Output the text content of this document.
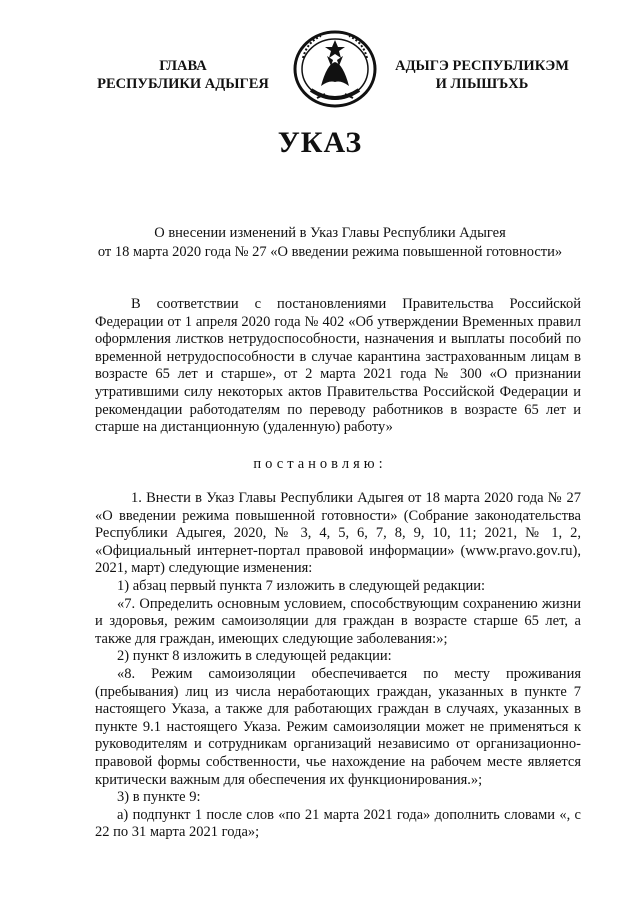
ГЛАВА
РЕСПУБЛИКИ АДЫГЕЯ
АДЫГЭ РЕСПУБЛИКЭМ
И ЛІЫШЪХЬ
УКАЗ
О внесении изменений в Указ Главы Республики Адыгея
от 18 марта 2020 года № 27 «О введении режима повышенной готовности»

В соответствии с постановлениями Правительства Российской Федерации от 1 апреля 2020 года № 402 «Об утверждении Временных правил оформления листков нетрудоспособности, назначения и выплаты пособий по временной нетрудоспособности в случае карантина застрахованным лицам в возрасте 65 лет и старше», от 2 марта 2021 года № 300 «О признании утратившими силу некоторых актов Правительства Российской Федерации и рекомендации работодателям по переводу работников в возрасте 65 лет и старше на дистанционную (удаленную) работу»

постановляю:

1. Внести в Указ Главы Республики Адыгея от 18 марта 2020 года № 27 «О введении режима повышенной готовности» (Собрание законодательства Республики Адыгея, 2020, № 3, 4, 5, 6, 7, 8, 9, 10, 11; 2021, № 1, 2, «Официальный интернет-портал правовой информации» (www.pravo.gov.ru), 2021, март) следующие изменения:

1) абзац первый пункта 7 изложить в следующей редакции:

«7. Определить основным условием, способствующим сохранению жизни и здоровья, режим самоизоляции для граждан в возрасте старше 65 лет, а также для граждан, имеющих следующие заболевания:»;

2) пункт 8 изложить в следующей редакции:

«8. Режим самоизоляции обеспечивается по месту проживания (пребывания) лиц из числа неработающих граждан, указанных в пункте 7 настоящего Указа, а также для работающих граждан в случаях, указанных в пункте 9.1 настоящего Указа. Режим самоизоляции может не применяться к руководителям и сотрудникам организаций независимо от организационно-правовой формы собственности, чье нахождение на рабочем месте является критически важным для обеспечения их функционирования.»;

3) в пункте 9:

а) подпункт 1 после слов «по 21 марта 2021 года» дополнить словами «, с 22 по 31 марта 2021 года»;
